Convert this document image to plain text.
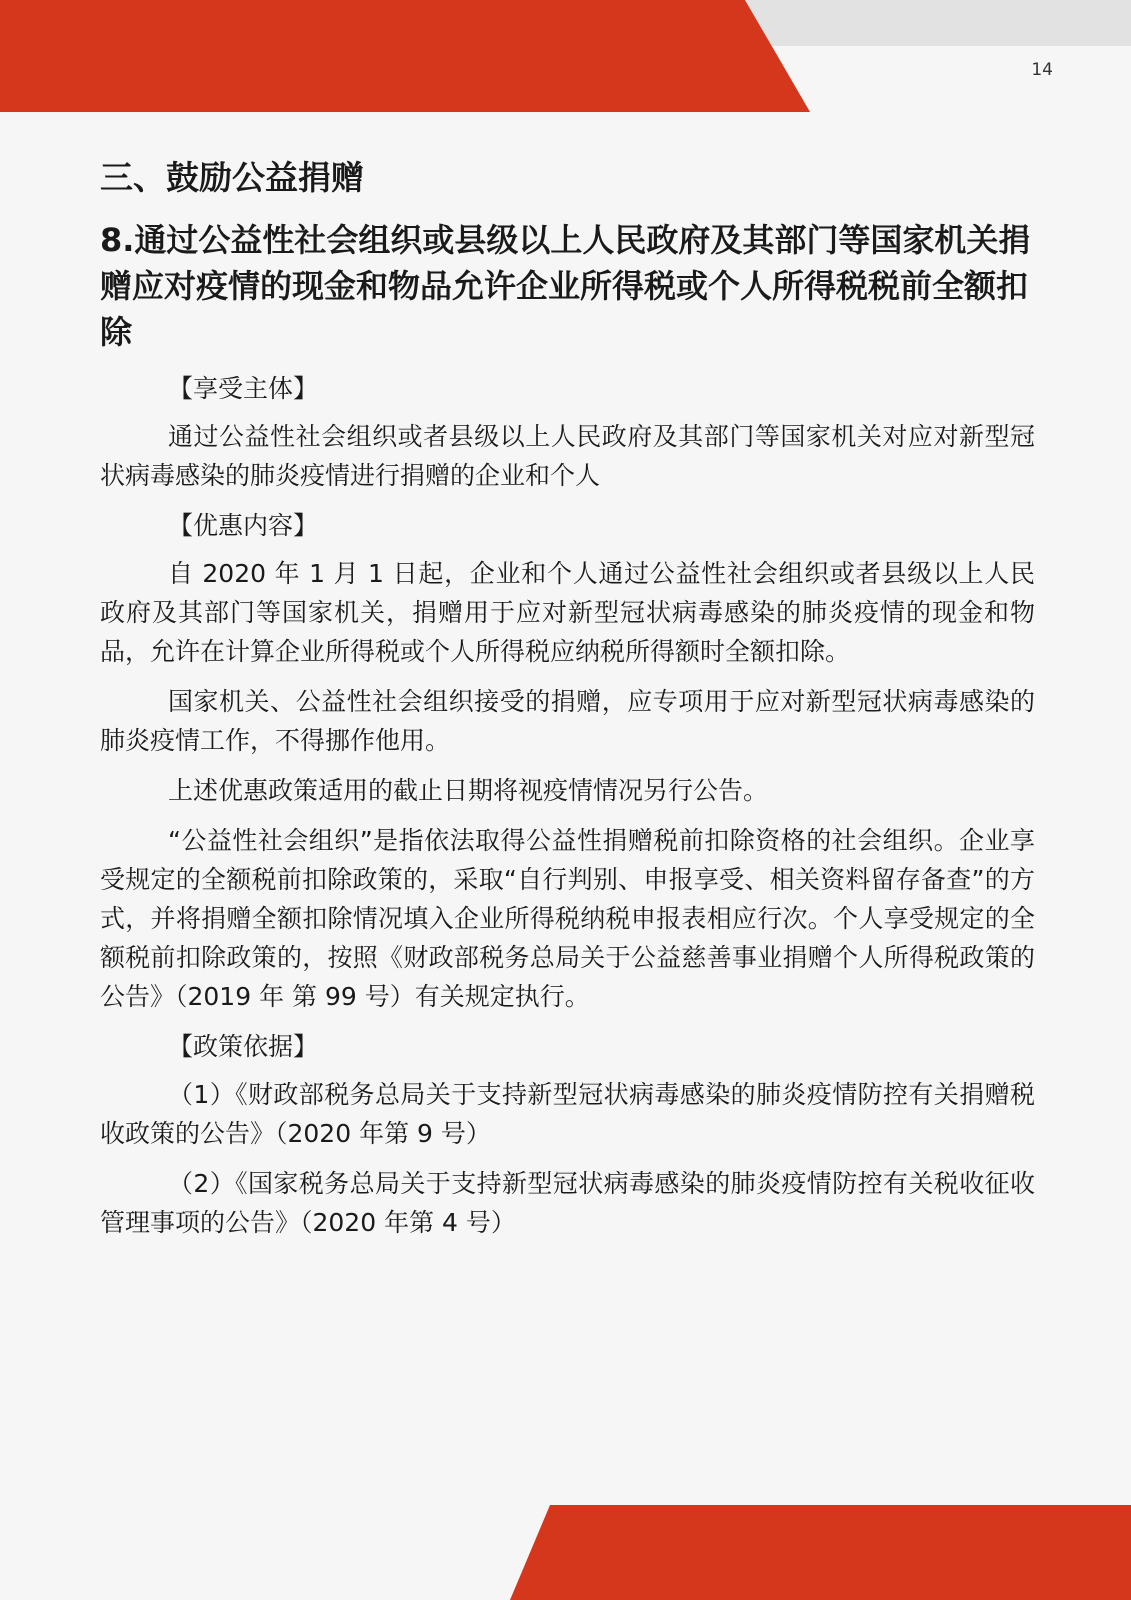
14
三、鼓励公益捐赠
8.通过公益性社会组织或县级以上人民政府及其部门等国家机关捐赠应对疫情的现金和物品允许企业所得税或个人所得税税前全额扣除
【享受主体】

通过公益性社会组织或者县级以上人民政府及其部门等国家机关对应对新型冠状病毒感染的肺炎疫情进行捐赠的企业和个人

【优惠内容】

自 2020 年 1 月 1 日起，企业和个人通过公益性社会组织或者县级以上人民政府及其部门等国家机关，捐赠用于应对新型冠状病毒感染的肺炎疫情的现金和物品，允许在计算企业所得税或个人所得税应纳税所得额时全额扣除。

国家机关、公益性社会组织接受的捐赠，应专项用于应对新型冠状病毒感染的肺炎疫情工作，不得挪作他用。

上述优惠政策适用的截止日期将视疫情情况另行公告。

“公益性社会组织”是指依法取得公益性捐赠税前扣除资格的社会组织。企业享受规定的全额税前扣除政策的，采取“自行判别、申报享受、相关资料留存备查”的方式，并将捐赠全额扣除情况填入企业所得税纳税申报表相应行次。个人享受规定的全额税前扣除政策的，按照《财政部税务总局关于公益慈善事业捐赠个人所得税政策的公告》（2019 年 第 99 号）有关规定执行。

【政策依据】

（1）《财政部税务总局关于支持新型冠状病毒感染的肺炎疫情防控有关捐赠税收政策的公告》（2020 年第 9 号）

（2）《国家税务总局关于支持新型冠状病毒感染的肺炎疫情防控有关税收征收管理事项的公告》（2020 年第 4 号）
